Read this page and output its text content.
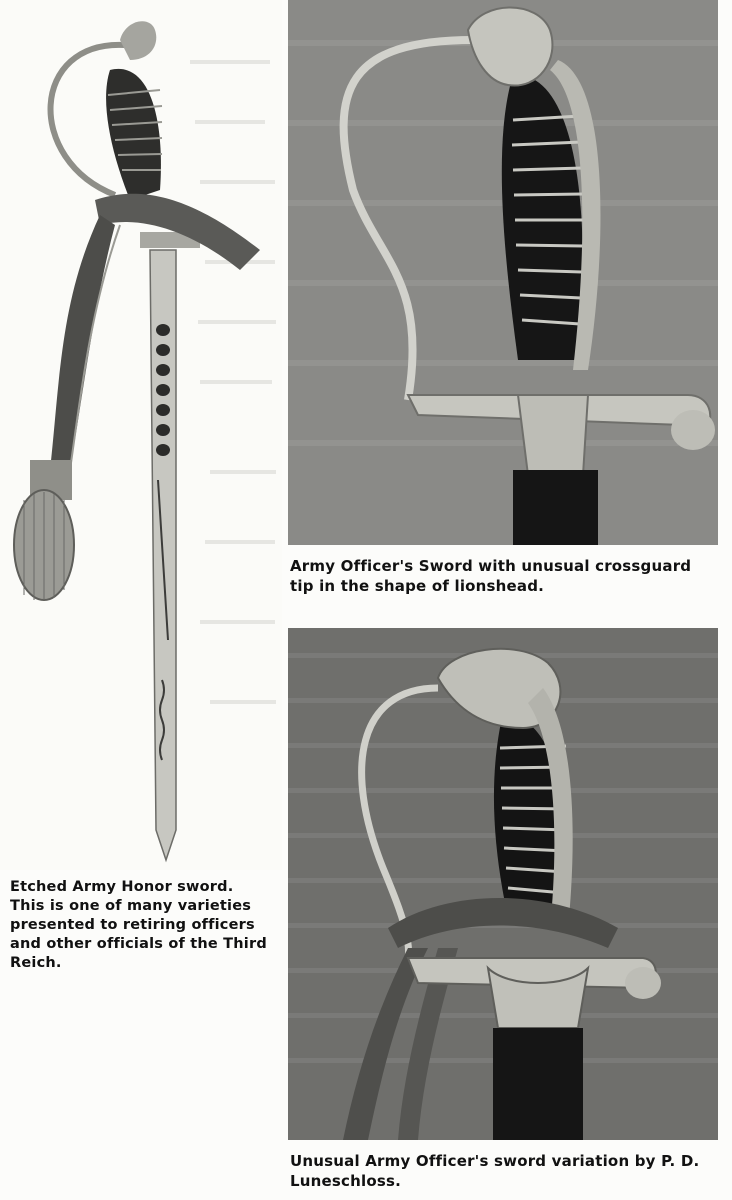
Etched Army Honor sword. This is one of many varieties presented to retiring officers and other officials of the Third Reich.

Army Officer's Sword with unusual crossguard tip in the shape of lionshead.

Unusual Army Officer's sword variation by P. D. Luneschloss.
